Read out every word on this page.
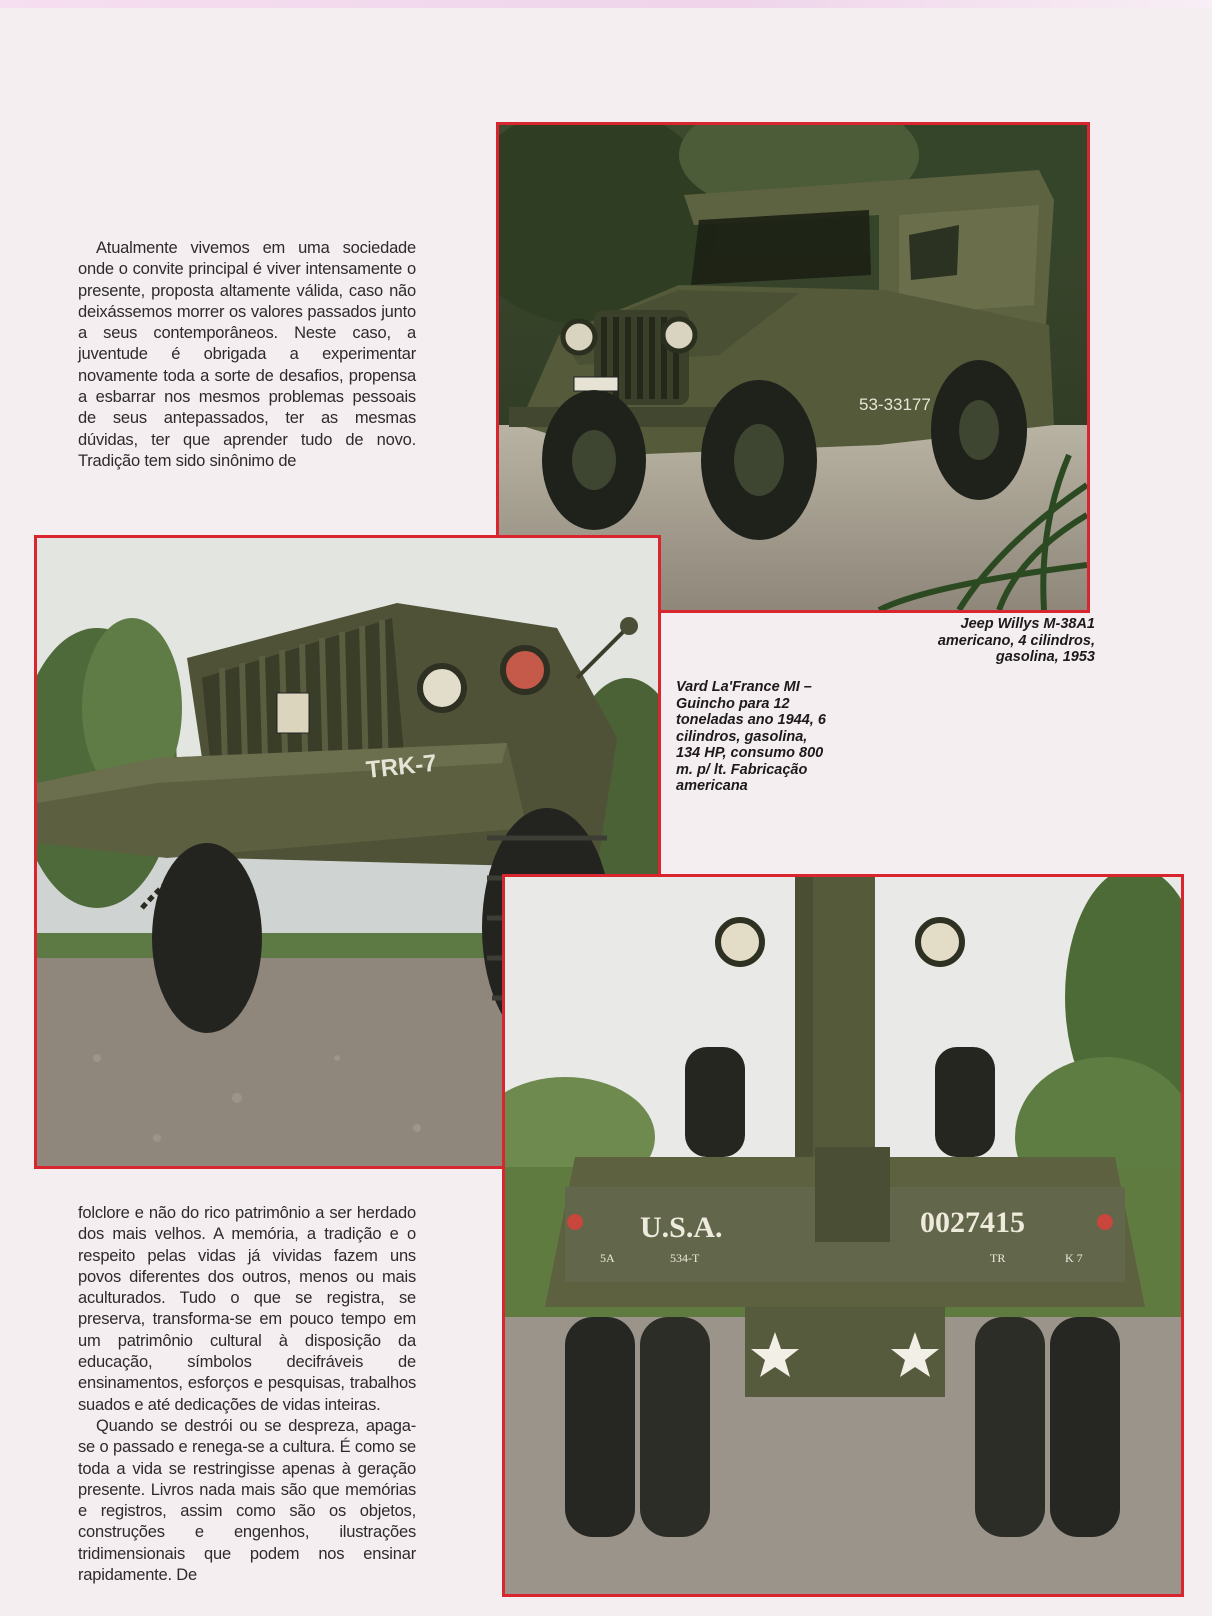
Atualmente vivemos em uma sociedade onde o convite principal é viver intensamente o presente, proposta altamente válida, caso não deixássemos morrer os valores passados junto a seus contemporâneos. Neste caso, a juventude é obrigada a experimentar novamente toda a sorte de desafios, propensa a esbarrar nos mesmos problemas pessoais de seus antepassados, ter as mesmas dúvidas, ter que aprender tudo de novo. Tradição tem sido sinônimo de

53-33177
Jeep Willys M-38A1 americano, 4 cilindros, gasolina, 1953
TRK-7
Vard La'France MI – Guincho para 12 toneladas ano 1944, 6 cilindros, gasolina, 134 HP, consumo 800 m. p/ lt. Fabricação americana
U.S.A.	0027415
5A	534-T	TR	K 7

folclore e não do rico patrimônio a ser herdado dos mais velhos. A memória, a tradição e o respeito pelas vidas já vividas fazem uns povos diferentes dos outros, menos ou mais aculturados. Tudo o que se registra, se preserva, transforma-se em pouco tempo em um patrimônio cultural à disposição da educação, símbolos decifráveis de ensinamentos, esforços e pesquisas, trabalhos suados e até dedicações de vidas inteiras.

Quando se destrói ou se despreza, apaga-se o passado e renega-se a cultura. É como se toda a vida se restringisse apenas à geração presente. Livros nada mais são que memórias e registros, assim como são os objetos, construções e engenhos, ilustrações tridimensionais que podem nos ensinar rapidamente. De
